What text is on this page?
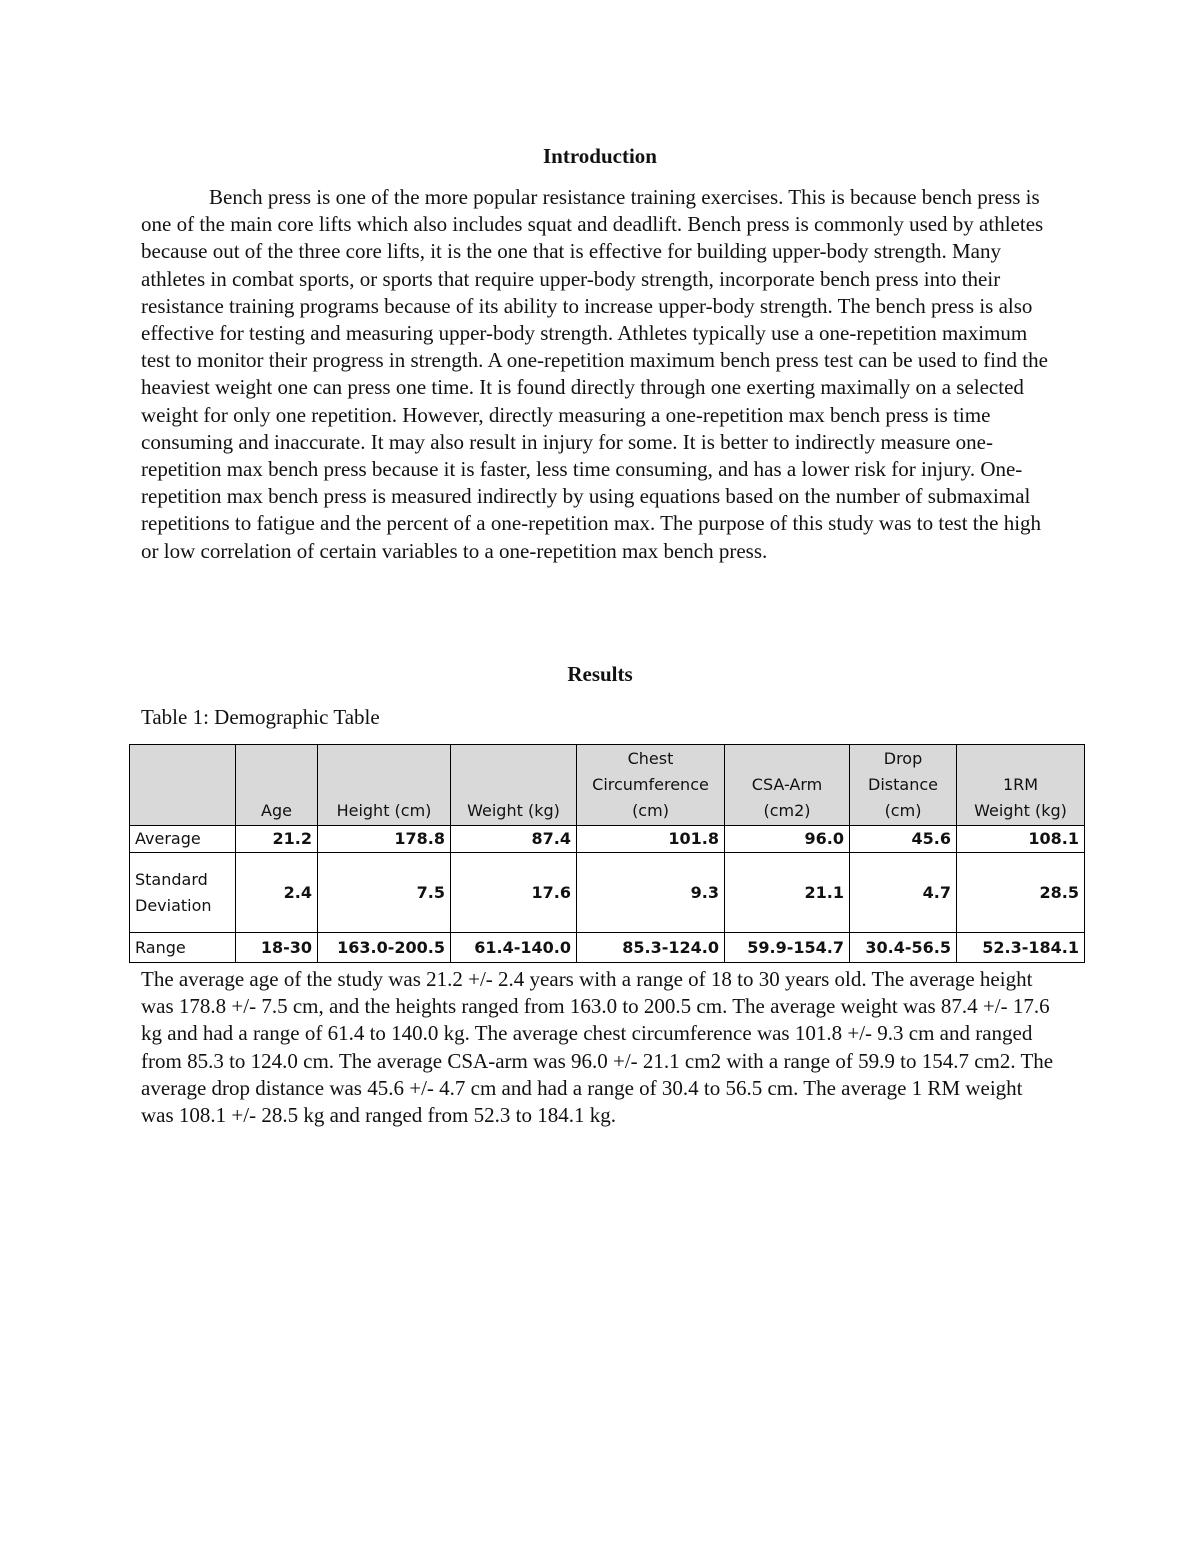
Introduction

Bench press is one of the more popular resistance training exercises. This is because bench press is one of the main core lifts which also includes squat and deadlift. Bench press is commonly used by athletes because out of the three core lifts, it is the one that is effective for building upper-body strength. Many athletes in combat sports, or sports that require upper-body strength, incorporate bench press into their resistance training programs because of its ability to increase upper-body strength. The bench press is also effective for testing and measuring upper-body strength. Athletes typically use a one-repetition maximum test to monitor their progress in strength. A one-repetition maximum bench press test can be used to find the heaviest weight one can press one time. It is found directly through one exerting maximally on a selected weight for only one repetition. However, directly measuring a one-repetition max bench press is time consuming and inaccurate. It may also result in injury for some. It is better to indirectly measure one-repetition max bench press because it is faster, less time consuming, and has a lower risk for injury. One-repetition max bench press is measured indirectly by using equations based on the number of submaximal repetitions to fatigue and the percent of a one-repetition max. The purpose of this study was to test the high or low correlation of certain variables to a one-repetition max bench press.

Results
Table 1: Demographic Table

	Age	Height (cm)	Weight (kg)	Chest
Circumference
(cm)	CSA-Arm
(cm2)	Drop
Distance
(cm)	1RM
Weight (kg)

Average	21.2	178.8	87.4	101.8	96.0	45.6	108.1
Standard Deviation	2.4	7.5	17.6	9.3	21.1	4.7	28.5
Range	18-30	163.0-200.5	61.4-140.0	85.3-124.0	59.9-154.7	30.4-56.5	52.3-184.1

The average age of the study was 21.2 +/- 2.4 years with a range of 18 to 30 years old. The average height was 178.8 +/- 7.5 cm, and the heights ranged from 163.0 to 200.5 cm. The average weight was 87.4 +/- 17.6 kg and had a range of 61.4 to 140.0 kg. The average chest circumference was 101.8 +/- 9.3 cm and ranged from 85.3 to 124.0 cm. The average CSA-arm was 96.0 +/- 21.1 cm2 with a range of 59.9 to 154.7 cm2. The average drop distance was 45.6 +/- 4.7 cm and had a range of 30.4 to 56.5 cm. The average 1 RM weight was 108.1 +/- 28.5 kg and ranged from 52.3 to 184.1 kg.
